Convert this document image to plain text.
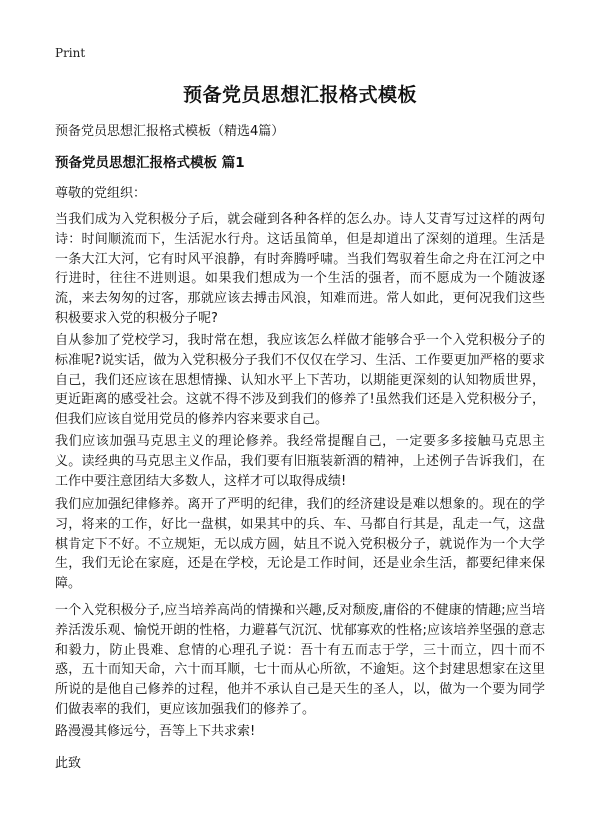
Print
预备党员思想汇报格式模板

预备党员思想汇报格式模板（精选4篇）

预备党员思想汇报格式模板 篇1

尊敬的党组织：

当我们成为入党积极分子后，就会碰到各种各样的怎么办。诗人艾青写过这样的两句诗：时间顺流而下，生活泥水行舟。这话虽简单，但是却道出了深刻的道理。生活是一条大江大河，它有时风平浪静，有时奔腾呼啸。当我们驾驭着生命之舟在江河之中行进时，往往不进则退。如果我们想成为一个生活的强者，而不愿成为一个随波逐流，来去匆匆的过客，那就应该去搏击风浪，知难而进。常人如此，更何况我们这些积极要求入党的积极分子呢?

自从参加了党校学习，我时常在想，我应该怎么样做才能够合乎一个入党积极分子的标准呢?说实话，做为入党积极分子我们不仅仅在学习、生活、工作要更加严格的要求自己，我们还应该在思想情操、认知水平上下苦功，以期能更深刻的认知物质世界，更近距离的感受社会。这就不得不涉及到我们的修养了!虽然我们还是入党积极分子，但我们应该自觉用党员的修养内容来要求自己。

我们应该加强马克思主义的理论修养。我经常提醒自己，一定要多多接触马克思主义。读经典的马克思主义作品，我们要有旧瓶装新酒的精神，上述例子告诉我们，在工作中要注意团结大多数人，这样才可以取得成绩!

我们应加强纪律修养。离开了严明的纪律，我们的经济建设是难以想象的。现在的学习，将来的工作，好比一盘棋，如果其中的兵、车、马都自行其是，乱走一气，这盘棋肯定下不好。不立规矩，无以成方圆，姑且不说入党积极分子，就说作为一个大学生，我们无论在家庭，还是在学校，无论是工作时间，还是业余生活，都要纪律来保障。

一个入党积极分子,应当培养高尚的情操和兴趣,反对颓废,庸俗的不健康的情趣;应当培养活泼乐观、愉悦开朗的性格，力避暮气沉沉、忧郁寡欢的性格;应该培养坚强的意志和毅力，防止畏难、怠情的心理孔子说：吾十有五而志于学，三十而立，四十而不惑，五十而知天命，六十而耳顺，七十而从心所欲，不逾矩。这个封建思想家在这里所说的是他自己修养的过程，他并不承认自己是天生的圣人，以，做为一个要为同学们做表率的我们，更应该加强我们的修养了。

路漫漫其修远兮，吾等上下共求索!

此致
